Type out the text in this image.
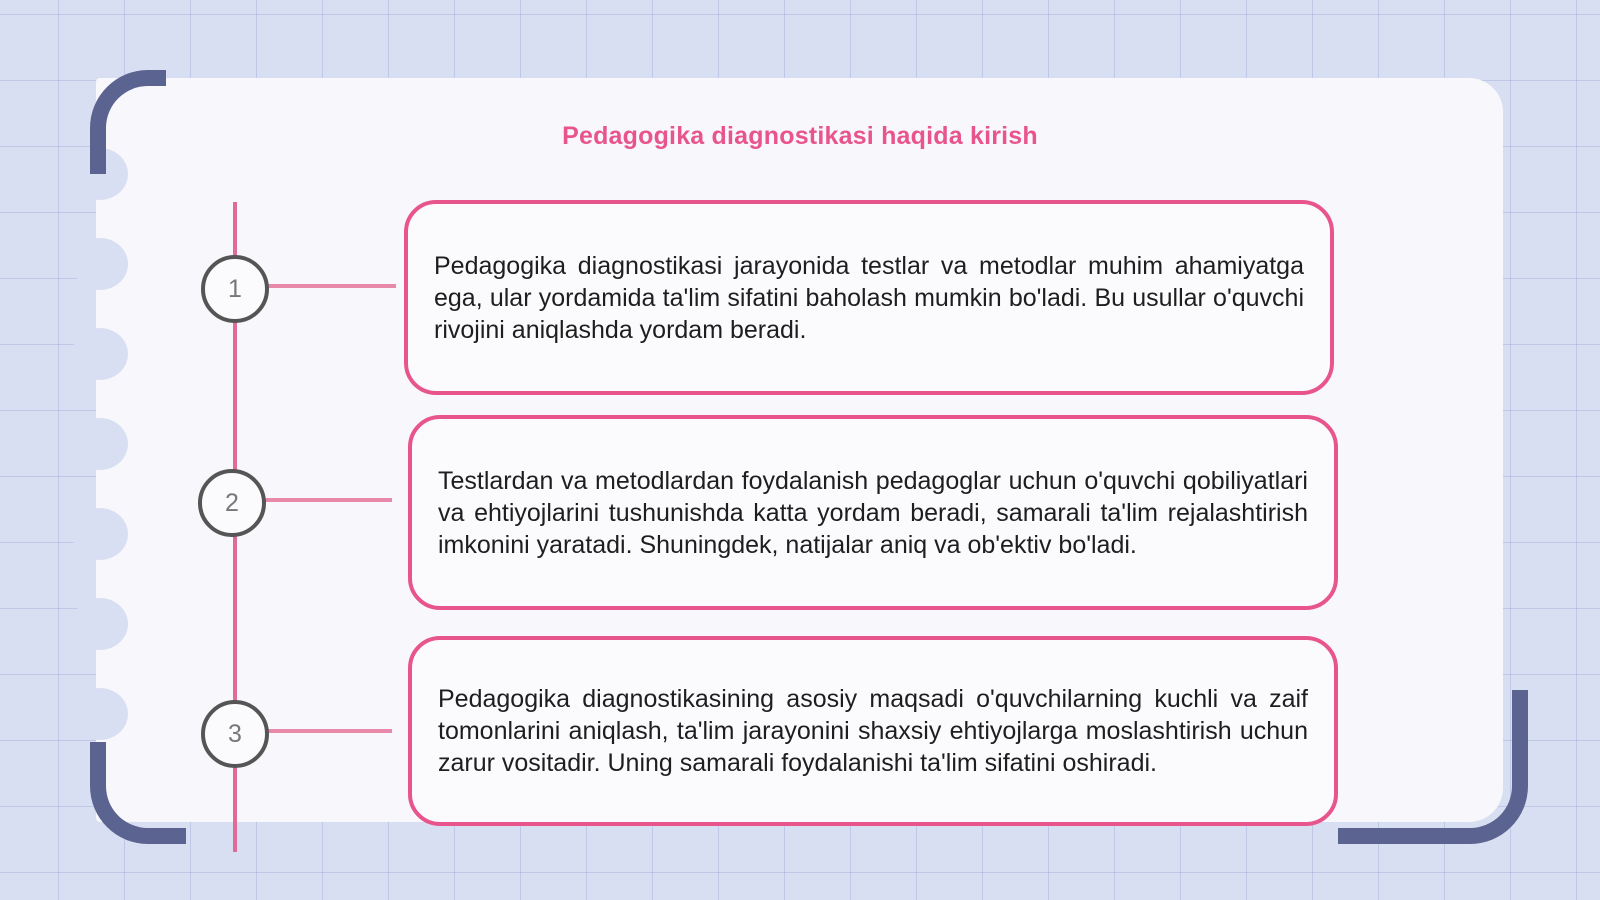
Pedagogika diagnostikasi haqida kirish
1
2
3

Pedagogika diagnostikasi jarayonida testlar va metodlar muhim ahamiyatga ega, ular yordamida ta'lim sifatini baholash mumkin bo'ladi. Bu usullar o'quvchi rivojini aniqlashda yordam beradi.

Testlardan va metodlardan foydalanish pedagoglar uchun o'quvchi qobiliyatlari va ehtiyojlarini tushunishda katta yordam beradi, samarali ta'lim rejalashtirish imkonini yaratadi. Shuningdek, natijalar aniq va ob'ektiv bo'ladi.

Pedagogika diagnostikasining asosiy maqsadi o'quvchilarning kuchli va zaif tomonlarini aniqlash, ta'lim jarayonini shaxsiy ehtiyojlarga moslashtirish uchun zarur vositadir. Uning samarali foydalanishi ta'lim sifatini oshiradi.
